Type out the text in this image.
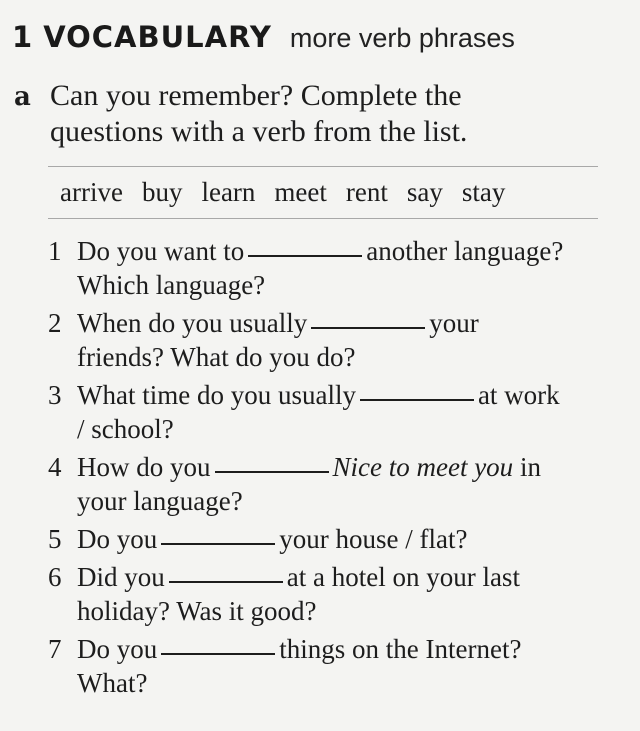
1 VOCABULARY more verb phrases
a Can you remember? Complete the
questions with a verb from the list.
arrive buy learn meet rent say stay
1 Do you want to	another language?
Which language?
2 When do you usually	your
friends? What do you do?
3 What time do you usually	at work
/ school?
4 How do you	Nice to meet you in
your language?
5 Do you	your house / flat?
6 Did you	at a hotel on your last
holiday? Was it good?
7 Do you	things on the Internet?
What?
